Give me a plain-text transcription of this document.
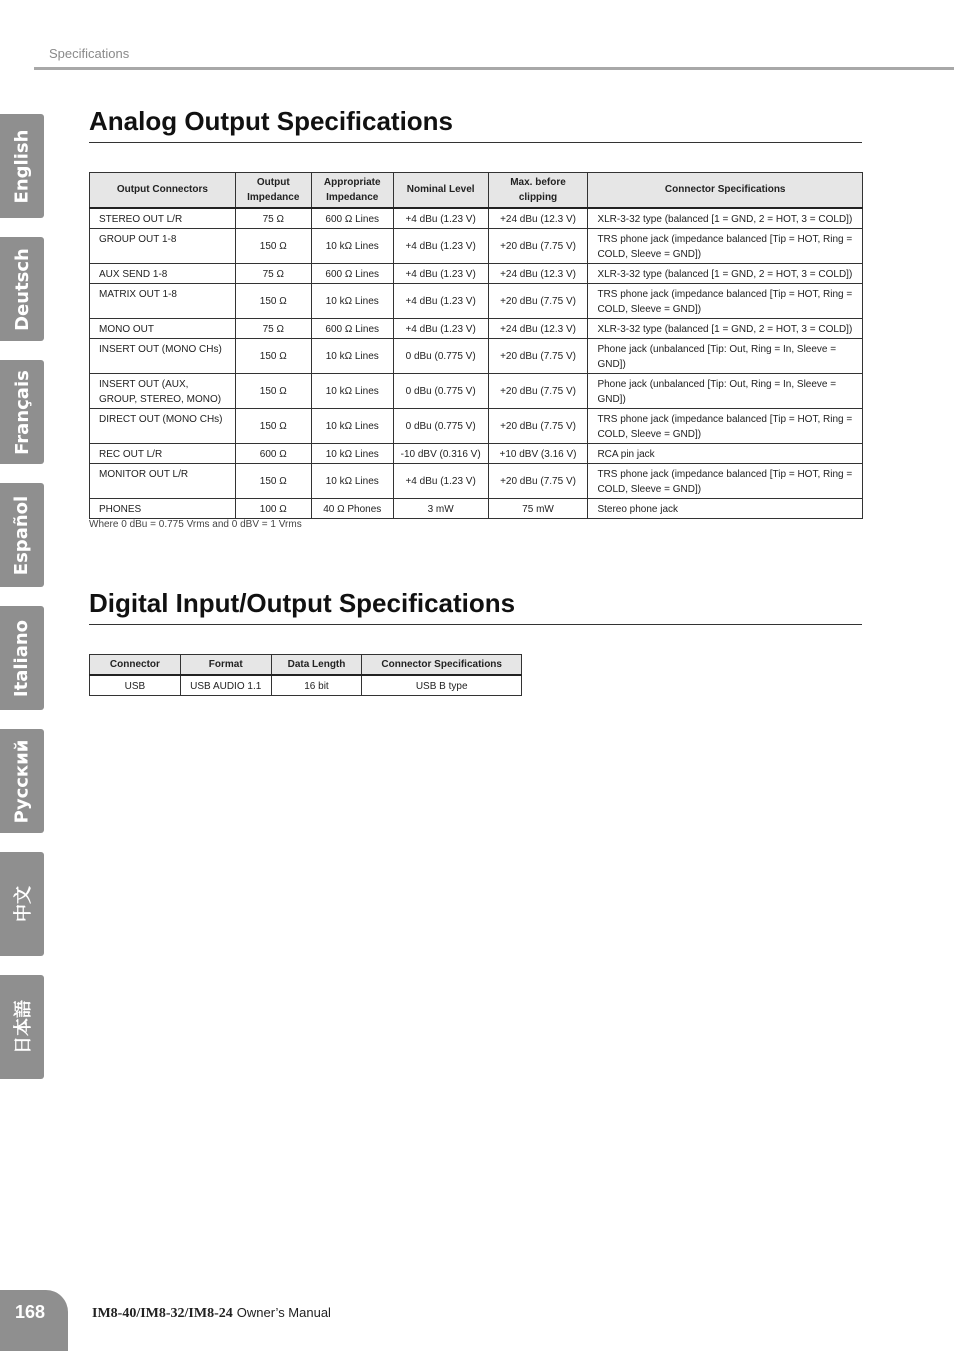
Specifications
English
Deutsch
Français
Español
Italiano
Русский
中文
日本語
Analog Output Specifications
Output Connectors	Output Impedance	Appropriate Impedance	Nominal Level	Max. before clipping	Connector Specifications
STEREO OUT L/R	75 Ω	600 Ω Lines	+4 dBu (1.23 V)	+24 dBu (12.3 V)	XLR-3-32 type (balanced [1 = GND, 2 = HOT, 3 = COLD])
GROUP OUT 1-8	150 Ω	10 kΩ Lines	+4 dBu (1.23 V)	+20 dBu (7.75 V)	TRS phone jack (impedance balanced [Tip = HOT, Ring = COLD, Sleeve = GND])
AUX SEND 1-8	75 Ω	600 Ω Lines	+4 dBu (1.23 V)	+24 dBu (12.3 V)	XLR-3-32 type (balanced [1 = GND, 2 = HOT, 3 = COLD])
MATRIX OUT 1-8	150 Ω	10 kΩ Lines	+4 dBu (1.23 V)	+20 dBu (7.75 V)	TRS phone jack (impedance balanced [Tip = HOT, Ring = COLD, Sleeve = GND])
MONO OUT	75 Ω	600 Ω Lines	+4 dBu (1.23 V)	+24 dBu (12.3 V)	XLR-3-32 type (balanced [1 = GND, 2 = HOT, 3 = COLD])
INSERT OUT (MONO CHs)	150 Ω	10 kΩ Lines	0 dBu (0.775 V)	+20 dBu (7.75 V)	Phone jack (unbalanced [Tip: Out, Ring = In, Sleeve = GND])
INSERT OUT (AUX, GROUP, STEREO, MONO)	150 Ω	10 kΩ Lines	0 dBu (0.775 V)	+20 dBu (7.75 V)	Phone jack (unbalanced [Tip: Out, Ring = In, Sleeve = GND])
DIRECT OUT (MONO CHs)	150 Ω	10 kΩ Lines	0 dBu (0.775 V)	+20 dBu (7.75 V)	TRS phone jack (impedance balanced [Tip = HOT, Ring = COLD, Sleeve = GND])
REC OUT L/R	600 Ω	10 kΩ Lines	-10 dBV (0.316 V)	+10 dBV (3.16 V)	RCA pin jack
MONITOR OUT L/R	150 Ω	10 kΩ Lines	+4 dBu (1.23 V)	+20 dBu (7.75 V)	TRS phone jack (impedance balanced [Tip = HOT, Ring = COLD, Sleeve = GND])
PHONES	100 Ω	40 Ω Phones	3 mW	75 mW	Stereo phone jack
Where 0 dBu = 0.775 Vrms and 0 dBV = 1 Vrms
Digital Input/Output Specifications
Connector	Format	Data Length	Connector Specifications
USB	USB AUDIO 1.1	16 bit	USB B type
168	IM8-40/IM8-32/IM8-24 Owner’s Manual
